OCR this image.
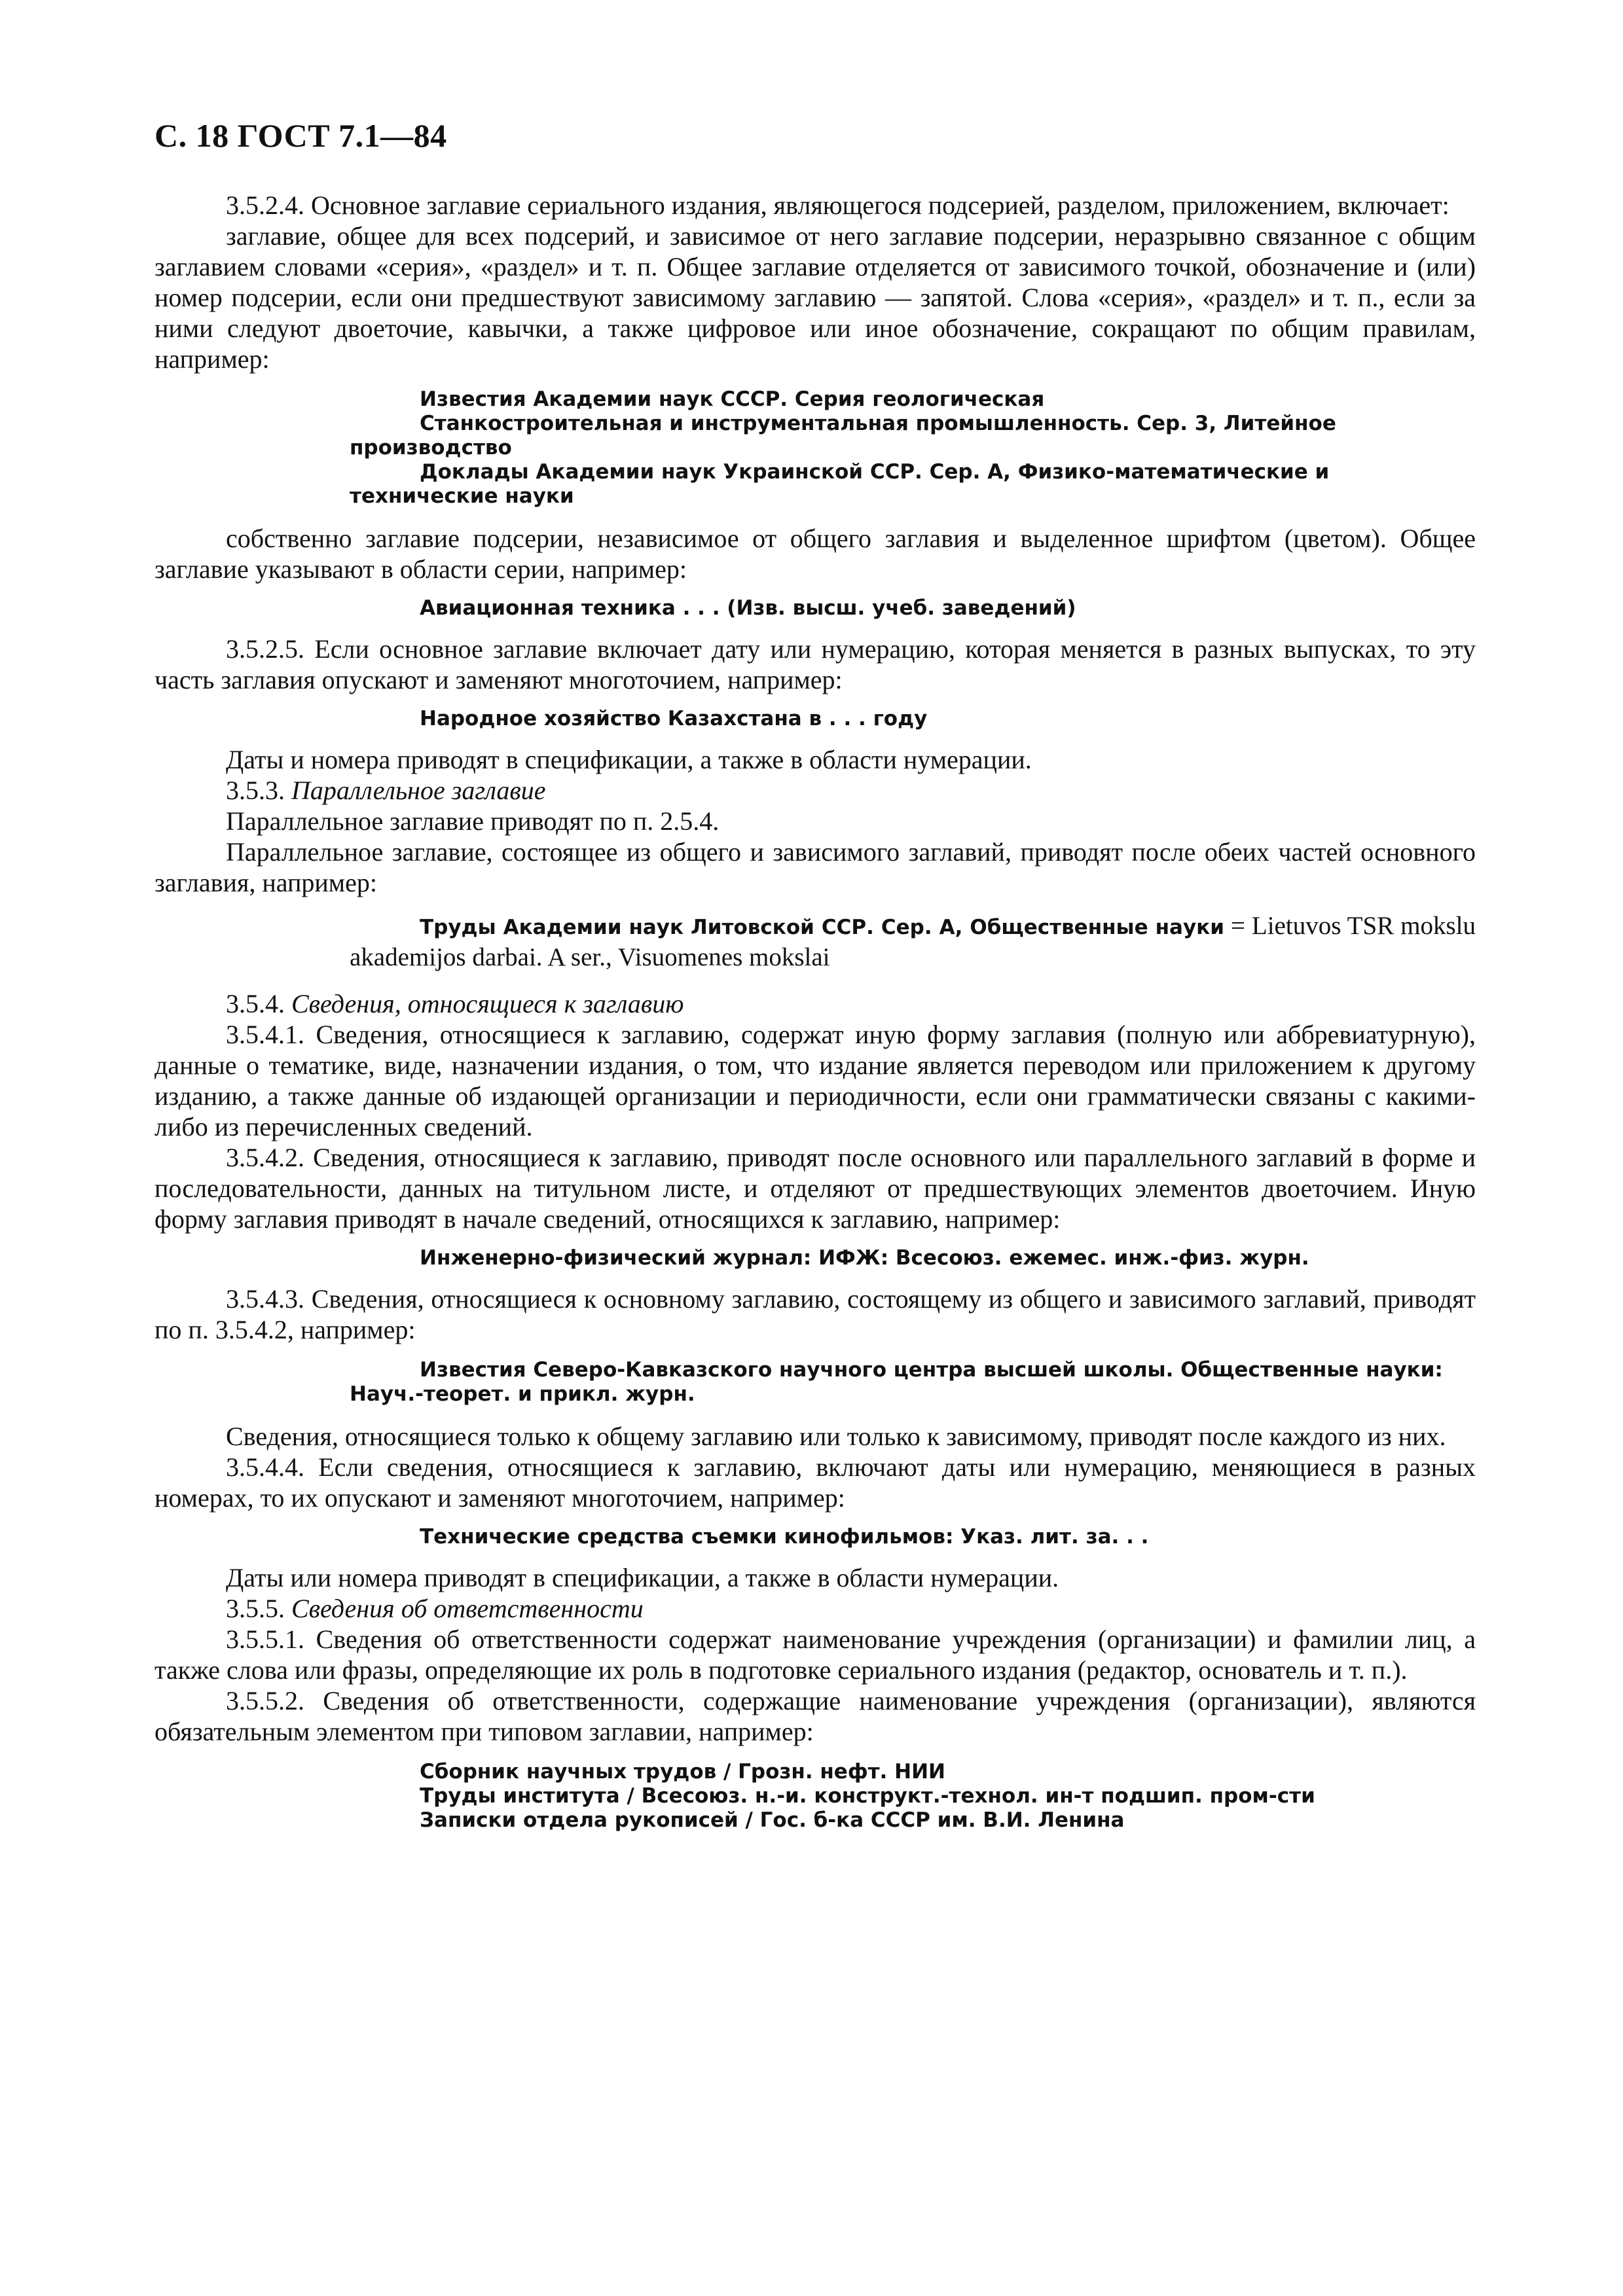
С. 18 ГОСТ 7.1—84

3.5.2.4. Основное заглавие сериального издания, являющегося подсерией, разделом, приложением, включает:

заглавие, общее для всех подсерий, и зависимое от него заглавие подсерии, неразрывно связанное с общим заглавием словами «серия», «раздел» и т. п. Общее заглавие отделяется от зависимого точкой, обозначение и (или) номер подсерии, если они предшествуют зависимому заглавию — запятой. Слова «серия», «раздел» и т. п., если за ними следуют двоеточие, кавычки, а также цифровое или иное обозначение, сокращают по общим правилам, например:

Известия Академии наук СССР. Серия геологическая

Станкостроительная и инструментальная промышленность. Сер. 3, Литейное производство

Доклады Академии наук Украинской ССР. Сер. А, Физико-математические и технические науки

собственно заглавие подсерии, независимое от общего заглавия и выделенное шрифтом (цветом). Общее заглавие указывают в области серии, например:

Авиационная техника . . . (Изв. высш. учеб. заведений)

3.5.2.5. Если основное заглавие включает дату или нумерацию, которая меняется в разных выпусках, то эту часть заглавия опускают и заменяют многоточием, например:

Народное хозяйство Казахстана в . . . году

Даты и номера приводят в спецификации, а также в области нумерации.

3.5.3. Параллельное заглавие

Параллельное заглавие приводят по п. 2.5.4.

Параллельное заглавие, состоящее из общего и зависимого заглавий, приводят после обеих частей основного заглавия, например:

Труды Академии наук Литовской ССР. Сер. А, Общественные науки = Lietuvos TSR mokslu akademijos darbai. A ser., Visuomenes mokslai

3.5.4. Сведения, относящиеся к заглавию

3.5.4.1. Сведения, относящиеся к заглавию, содержат иную форму заглавия (полную или аббревиатурную), данные о тематике, виде, назначении издания, о том, что издание является переводом или приложением к другому изданию, а также данные об издающей организации и периодичности, если они грамматически связаны с какими-либо из перечисленных сведений.

3.5.4.2. Сведения, относящиеся к заглавию, приводят после основного или параллельного заглавий в форме и последовательности, данных на титульном листе, и отделяют от предшествующих элементов двоеточием. Иную форму заглавия приводят в начале сведений, относящихся к заглавию, например:

Инженерно-физический журнал: ИФЖ: Всесоюз. ежемес. инж.-физ. журн.

3.5.4.3. Сведения, относящиеся к основному заглавию, состоящему из общего и зависимого заглавий, приводят по п. 3.5.4.2, например:

Известия Северо-Кавказского научного центра высшей школы. Общественные науки: Науч.-теорет. и прикл. журн.

Сведения, относящиеся только к общему заглавию или только к зависимому, приводят после каждого из них.

3.5.4.4. Если сведения, относящиеся к заглавию, включают даты или нумерацию, меняющиеся в разных номерах, то их опускают и заменяют многоточием, например:

Технические средства съемки кинофильмов: Указ. лит. за. . .

Даты или номера приводят в спецификации, а также в области нумерации.

3.5.5. Сведения об ответственности

3.5.5.1. Сведения об ответственности содержат наименование учреждения (организации) и фамилии лиц, а также слова или фразы, определяющие их роль в подготовке сериального издания (редактор, основатель и т. п.).

3.5.5.2. Сведения об ответственности, содержащие наименование учреждения (организации), являются обязательным элементом при типовом заглавии, например:

Сборник научных трудов / Грозн. нефт. НИИ

Труды института / Всесоюз. н.-и. конструкт.-технол. ин-т подшип. пром-сти

Записки отдела рукописей / Гос. б-ка СССР им. В.И. Ленина
